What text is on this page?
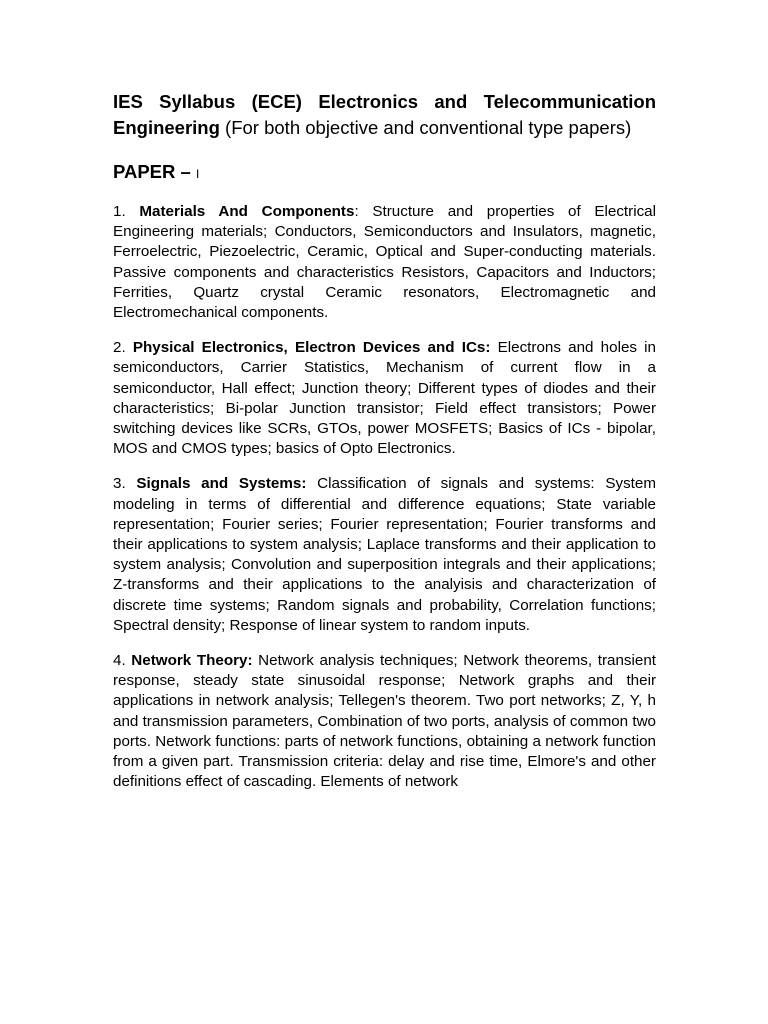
IES Syllabus (ECE) Electronics and Telecommunication Engineering (For both objective and conventional type papers)

PAPER – I

1. Materials And Components: Structure and properties of Electrical Engineering materials; Conductors, Semiconductors and Insulators, magnetic, Ferroelectric, Piezoelectric, Ceramic, Optical and Super-conducting materials. Passive components and characteristics Resistors, Capacitors and Inductors; Ferrities, Quartz crystal Ceramic resonators, Electromagnetic and Electromechanical components.

2. Physical Electronics, Electron Devices and ICs: Electrons and holes in semiconductors, Carrier Statistics, Mechanism of current flow in a semiconductor, Hall effect; Junction theory; Different types of diodes and their characteristics; Bi-polar Junction transistor; Field effect transistors; Power switching devices like SCRs, GTOs, power MOSFETS; Basics of ICs - bipolar, MOS and CMOS types; basics of Opto Electronics.

3. Signals and Systems: Classification of signals and systems: System modeling in terms of differential and difference equations; State variable representation; Fourier series; Fourier representation; Fourier transforms and their applications to system analysis; Laplace transforms and their application to system analysis; Convolution and superposition integrals and their applications; Z-transforms and their applications to the analyisis and characterization of discrete time systems; Random signals and probability, Correlation functions; Spectral density; Response of linear system to random inputs.

4. Network Theory: Network analysis techniques; Network theorems, transient response, steady state sinusoidal response; Network graphs and their applications in network analysis; Tellegen's theorem. Two port networks; Z, Y, h and transmission parameters, Combination of two ports, analysis of common two ports. Network functions: parts of network functions, obtaining a network function from a given part. Transmission criteria: delay and rise time, Elmore's and other definitions effect of cascading. Elements of network
